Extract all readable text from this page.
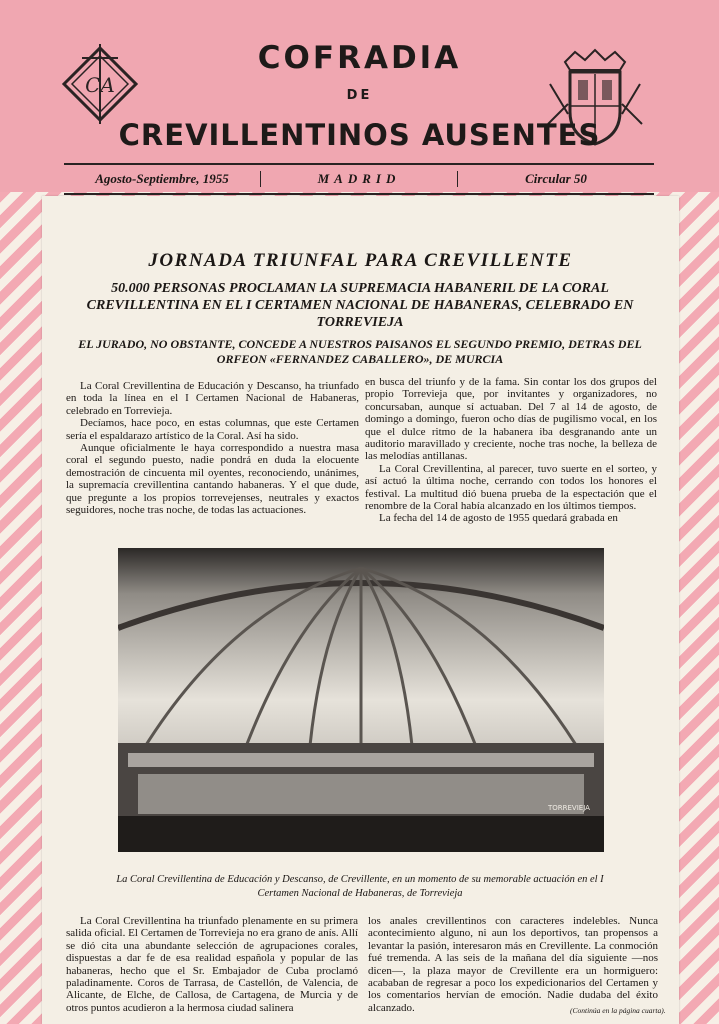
CA
COFRADIA
DE
CREVILLENTINOS AUSENTES
Agosto-Septiembre, 1955	MADRID	Circular 50
JORNADA TRIUNFAL PARA CREVILLENTE
50.000 PERSONAS PROCLAMAN LA SUPREMACIA HABANERIL DE LA CORAL CREVILLENTINA EN EL I CERTAMEN NACIONAL DE HABANERAS, CELEBRADO EN TORREVIEJA
EL JURADO, NO OBSTANTE, CONCEDE A NUESTROS PAISANOS EL SEGUNDO PREMIO, DETRAS DEL ORFEON «FERNANDEZ CABALLERO», DE MURCIA

La Coral Crevillentina de Educación y Descanso, ha triunfado en toda la línea en el I Certamen Nacional de Habaneras, celebrado en Torrevieja.

Decíamos, hace poco, en estas columnas, que este Certamen sería el espaldarazo artístico de la Coral. Así ha sido.

Aunque oficialmente le haya correspondido a nuestra masa coral el segundo puesto, nadie pondrá en duda la elocuente demostración de cincuenta mil oyentes, reconociendo, unánimes, la supremacía crevillentina cantando habaneras. Y el que dude, que pregunte a los propios torrevejenses, neutrales y exactos seguidores, noche tras noche, de todas las actuaciones.

en busca del triunfo y de la fama. Sin contar los dos grupos del propio Torrevieja que, por invitantes y organizadores, no concursaban, aunque sí actuaban. Del 7 al 14 de agosto, de domingo a domingo, fueron ocho días de pugilismo vocal, en los que el dulce ritmo de la habanera iba desgranando ante un auditorio maravillado y creciente, noche tras noche, la belleza de las melodías antillanas.

La Coral Crevillentina, al parecer, tuvo suerte en el sorteo, y así actuó la última noche, cerrando con todos los honores el festival. La multitud dió buena prueba de la espectación que el renombre de la Coral había alcanzado en los últimos tiempos.

La fecha del 14 de agosto de 1955 quedará grabada en

TORREVIEJA
La Coral Crevillentina de Educación y Descanso, de Crevillente, en un momento de su memorable actuación en el I Certamen Nacional de Habaneras, de Torrevieja

La Coral Crevillentina ha triunfado plenamente en su primera salida oficial. El Certamen de Torrevieja no era grano de anís. Allí se dió cita una abundante selección de agrupaciones corales, dispuestas a dar fe de esa realidad española y popular de las habaneras, hecho que el Sr. Embajador de Cuba proclamó paladinamente. Coros de Tarrasa, de Castellón, de Valencia, de Alicante, de Elche, de Callosa, de Cartagena, de Murcia y de otros puntos acudieron a la hermosa ciudad salinera

los anales crevillentinos con caracteres indelebles. Nunca acontecimiento alguno, ni aun los deportivos, tan propensos a levantar la pasión, interesaron más en Crevillente. La conmoción fué tremenda. A las seis de la mañana del día siguiente —nos dicen—, la plaza mayor de Crevillente era un hormiguero: acababan de regresar a poco los expedicionarios del Certamen y los comentarios hervían de emoción. Nadie dudaba del éxito alcanzado.	(Continúa en la página cuarta).
